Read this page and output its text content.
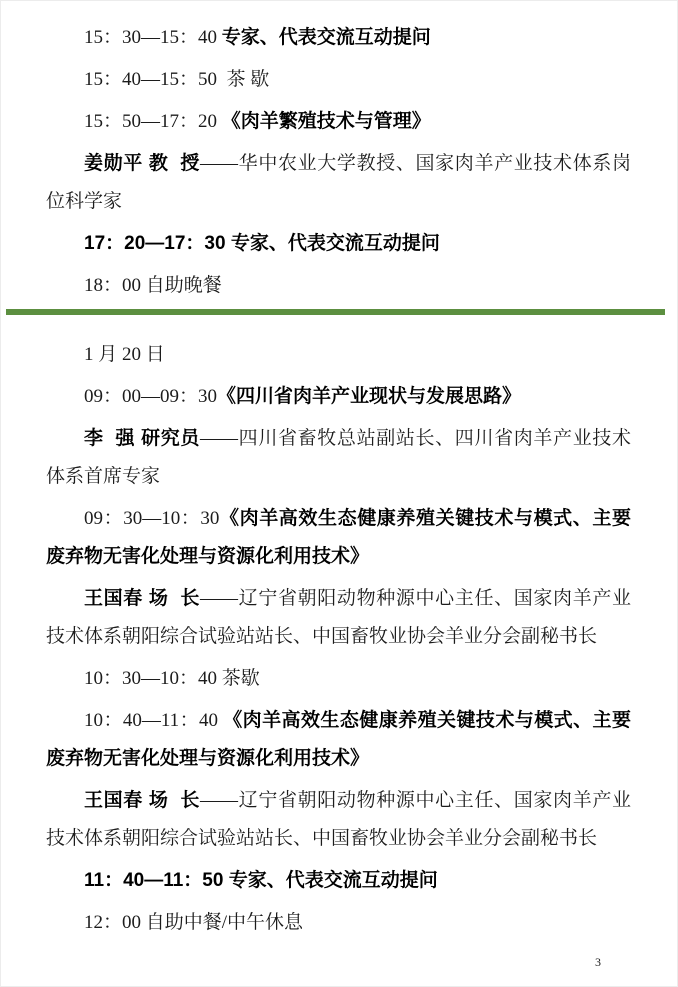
15：30—15：40 专家、代表交流互动提问

15：40—15：50  茶 歇

15：50—17：20 《肉羊繁殖技术与管理》

姜勋平 教  授——华中农业大学教授、国家肉羊产业技术体系岗位科学家

17：20—17：30 专家、代表交流互动提问

18：00 自助晚餐

1 月 20 日

09：00—09：30《四川省肉羊产业现状与发展思路》

李  强 研究员——四川省畜牧总站副站长、四川省肉羊产业技术体系首席专家

09：30—10：30《肉羊高效生态健康养殖关键技术与模式、主要废弃物无害化处理与资源化利用技术》

王国春 场  长——辽宁省朝阳动物种源中心主任、国家肉羊产业技术体系朝阳综合试验站站长、中国畜牧业协会羊业分会副秘书长

10：30—10：40 茶歇

10：40—11：40 《肉羊高效生态健康养殖关键技术与模式、主要废弃物无害化处理与资源化利用技术》

王国春 场  长——辽宁省朝阳动物种源中心主任、国家肉羊产业技术体系朝阳综合试验站站长、中国畜牧业协会羊业分会副秘书长

11：40—11：50 专家、代表交流互动提问

12：00 自助中餐/中午休息

3
